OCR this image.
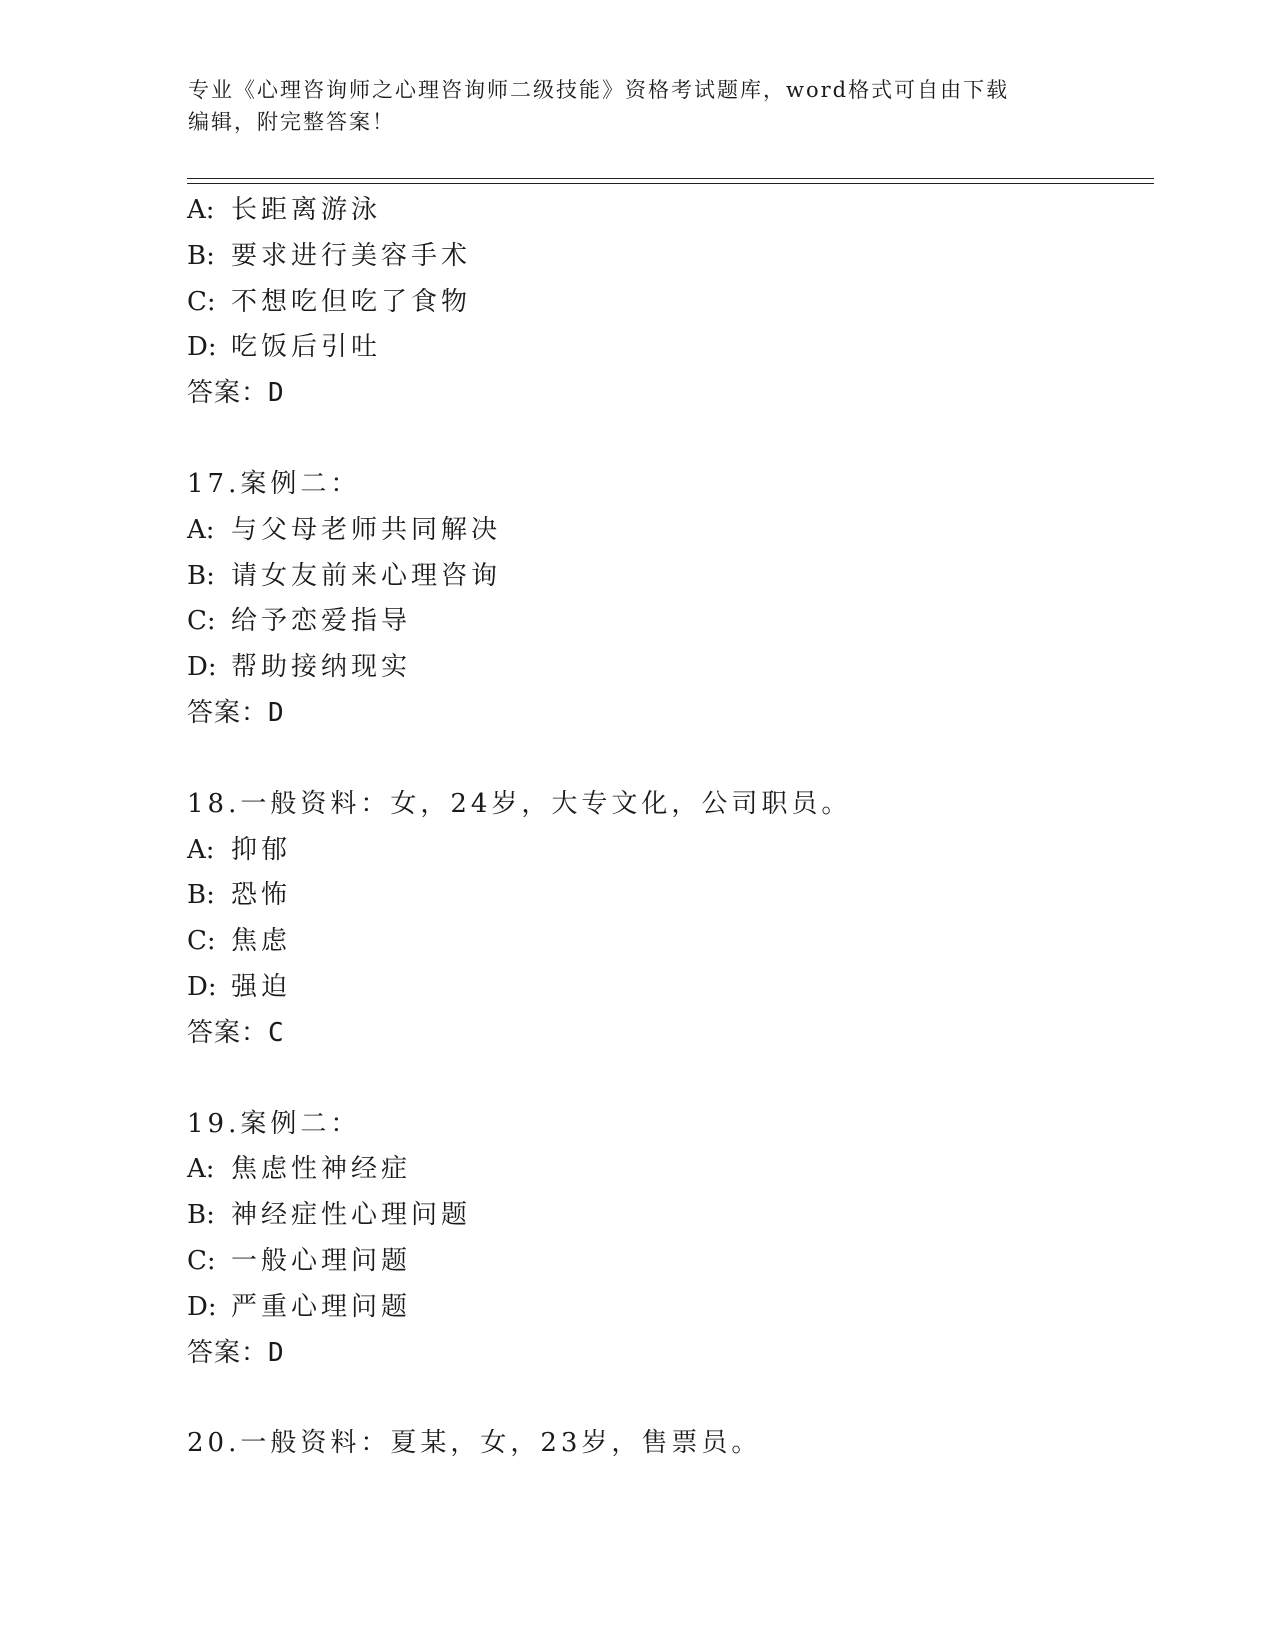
专业《心理咨询师之心理咨询师二级技能》资格考试题库，word格式可自由下载
编辑，附完整答案！
A: 长距离游泳
B: 要求进行美容手术
C: 不想吃但吃了食物
D: 吃饭后引吐
答案：D
17.案例二：
A: 与父母老师共同解决
B: 请女友前来心理咨询
C: 给予恋爱指导
D: 帮助接纳现实
答案：D
18.一般资料：女，24岁，大专文化，公司职员。
A: 抑郁
B: 恐怖
C: 焦虑
D: 强迫
答案：C
19.案例二：
A: 焦虑性神经症
B: 神经症性心理问题
C: 一般心理问题
D: 严重心理问题
答案：D
20.一般资料：夏某，女，23岁，售票员。
